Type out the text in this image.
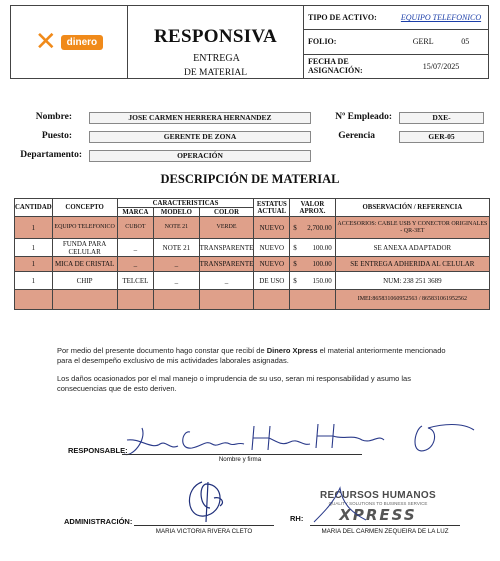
✕	dinero	RESPONSIVA ENTREGA
DE MATERIAL
TIPO DE ACTIVO:	EQUIPO TELEFONICO
FOLIO:	GERL	05
FECHA DE ASIGNACIÓN:	15/07/2025
Nombre:	JOSE CARMEN HERRERA HERNANDEZ	Nº Empleado:	DXE-
Puesto:	GERENTE DE ZONA	Gerencia	GER-05
Departamento:	OPERACIÓN
DESCRIPCIÓN DE MATERIAL
CANTIDAD	CONCEPTO	CARACTERISTICAS			ESTATUS ACTUAL	VALOR APROX.		OBSERVACIÓN / REFERENCIA
		MARCA	MODELO	COLOR				
1	EQUIPO TELEFONICO	CUBOT	NOTE 21	VERDE	NUEVO	$	2,700.00	ACCESORIOS: CABLE USB Y CONECTOR ORIGINALES - QR-3ET
1	FUNDA PARA CELULAR	_	NOTE 21	TRANSPARENTE	NUEVO	$	100.00	SE ANEXA ADAPTADOR
1	MICA DE CRISTAL	_	_	TRANSPARENTE	NUEVO	$	100.00	SE ENTREGA ADHERIDA AL CELULAR
1	CHIP	TELCEL	_	_	DE USO	$	150.00	NUM: 238 251 3689
								IMEI:865831060952563 / 865831061952562
Por medio del presente documento hago constar que recibí de Dinero Xpress el material anteriormente mencionado para el desempeño exclusivo de mis actividades laborales asignadas.
Los daños ocasionados por el mal manejo o imprudencia de su uso, seran mi responsabilidad y asumo las consecuencias que de esto deriven.
RESPONSABLE:
Nombre y firma
ADMINISTRACIÓN:
MARIA VICTORIA RIVERA CLETO
RH:
RECURSOS HUMANOS
QUALITY SOLUTIONS TO BUSINESS SERVICE
XPRESS
MARIA DEL CARMEN ZEQUEIRA DE LA LUZ
